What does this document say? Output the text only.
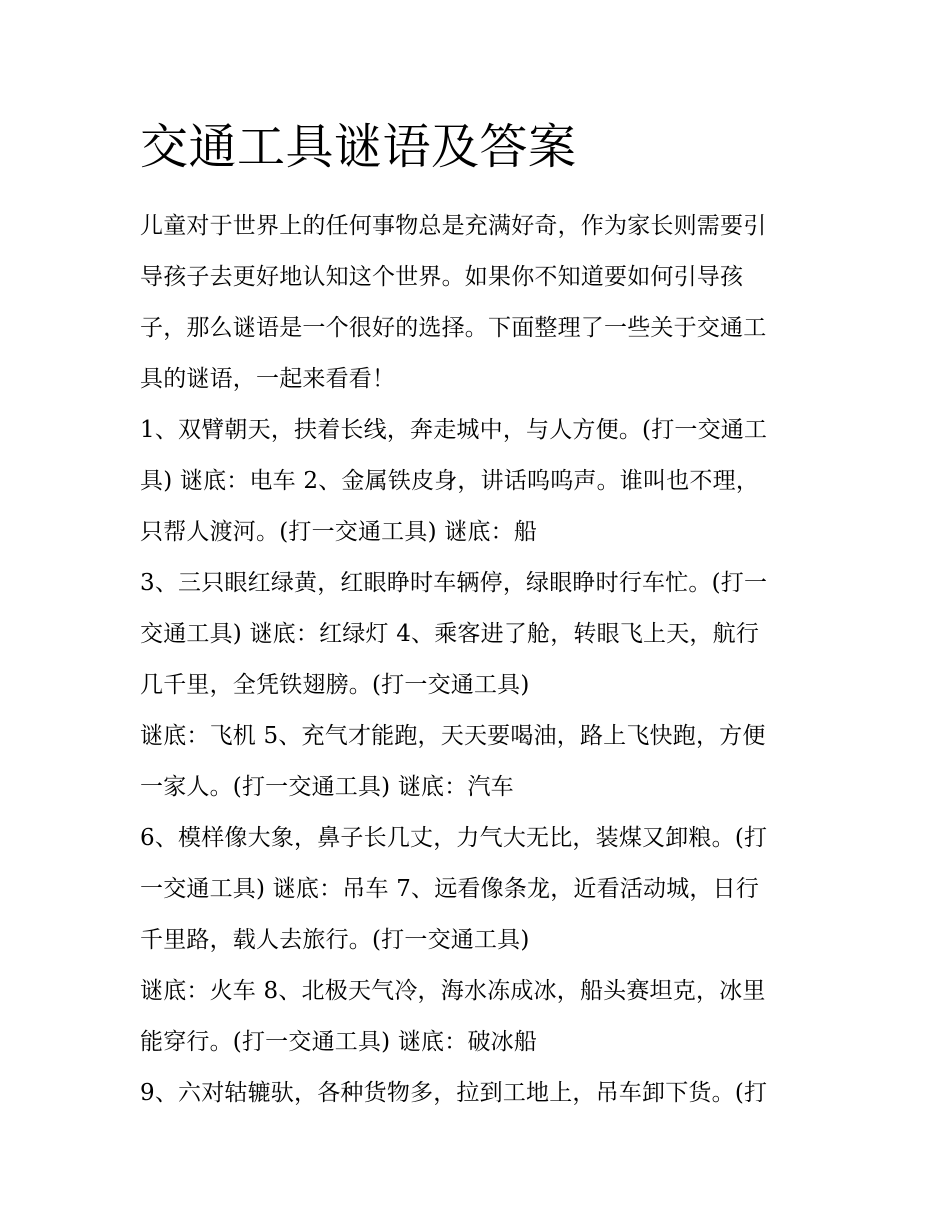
交通工具谜语及答案
儿童对于世界上的任何事物总是充满好奇，作为家长则需要引
导孩子去更好地认知这个世界。如果你不知道要如何引导孩
子，那么谜语是一个很好的选择。下面整理了一些关于交通工
具的谜语，一起来看看！
1、双臂朝天，扶着长线，奔走城中，与人方便。(打一交通工
具) 谜底：电车 2、金属铁皮身，讲话呜呜声。谁叫也不理，
只帮人渡河。(打一交通工具) 谜底：船
3、三只眼红绿黄，红眼睁时车辆停，绿眼睁时行车忙。(打一
交通工具) 谜底：红绿灯 4、乘客进了舱，转眼飞上天，航行
几千里，全凭铁翅膀。(打一交通工具)
谜底：飞机 5、充气才能跑，天天要喝油，路上飞快跑，方便
一家人。(打一交通工具) 谜底：汽车
6、模样像大象，鼻子长几丈，力气大无比，装煤又卸粮。(打
一交通工具) 谜底：吊车 7、远看像条龙，近看活动城，日行
千里路，载人去旅行。(打一交通工具)
谜底：火车 8、北极天气冷，海水冻成冰，船头赛坦克，冰里
能穿行。(打一交通工具) 谜底：破冰船
9、六对轱辘驮，各种货物多，拉到工地上，吊车卸下货。(打
